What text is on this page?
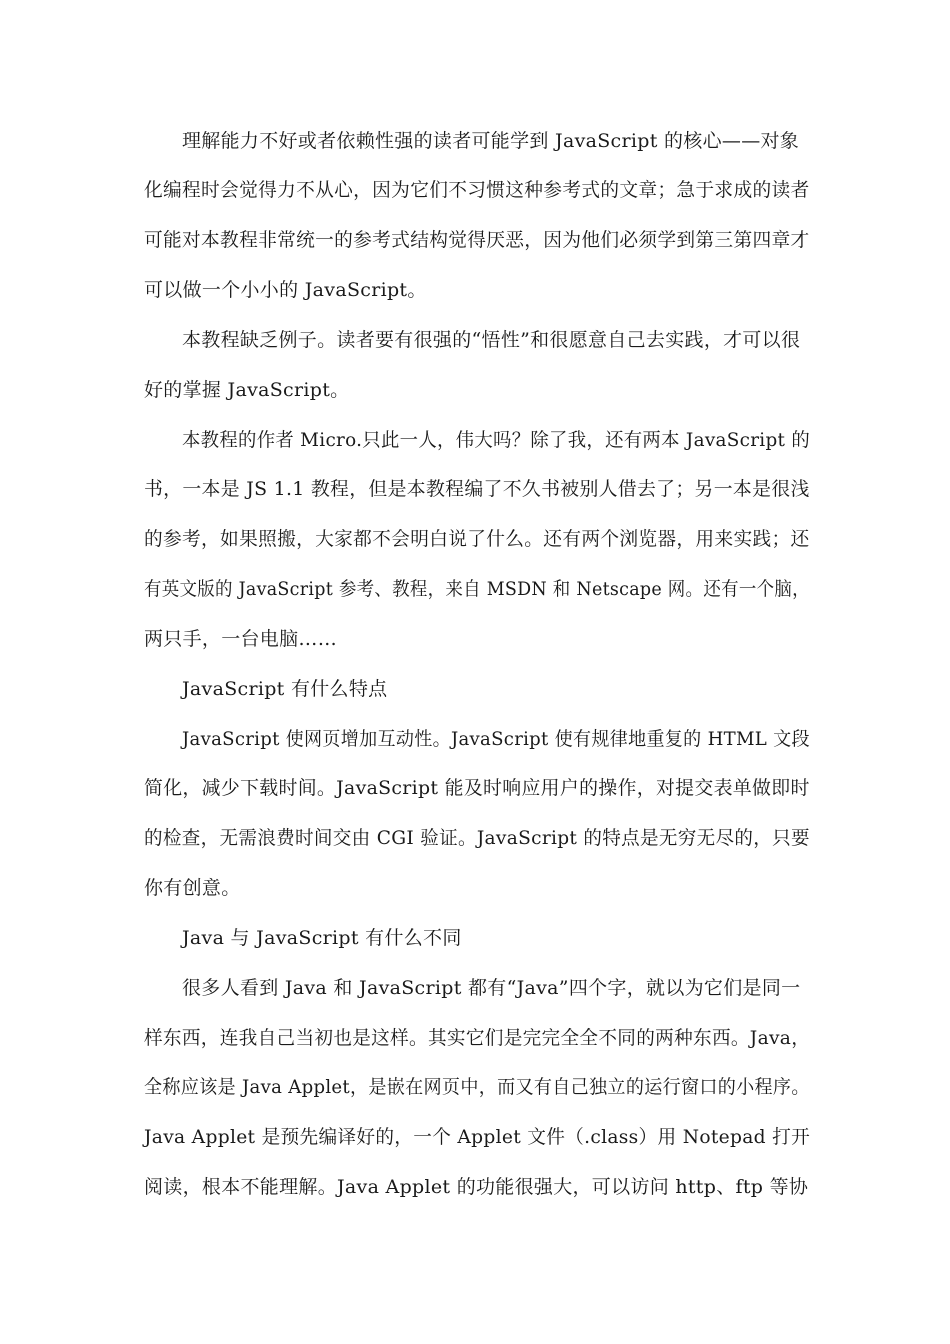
理解能力不好或者依赖性强的读者可能学到 JavaScript 的核心——对象
化编程时会觉得力不从心，因为它们不习惯这种参考式的文章；急于求成的读者
可能对本教程非常统一的参考式结构觉得厌恶，因为他们必须学到第三第四章才
可以做一个小小的 JavaScript。
本教程缺乏例子。读者要有很强的“悟性”和很愿意自己去实践，才可以很
好的掌握 JavaScript。
本教程的作者 Micro.只此一人，伟大吗？除了我，还有两本 JavaScript 的
书，一本是 JS 1.1 教程，但是本教程编了不久书被别人借去了；另一本是很浅
的参考，如果照搬，大家都不会明白说了什么。还有两个浏览器，用来实践；还
有英文版的 JavaScript 参考、教程，来自 MSDN 和 Netscape 网。还有一个脑，
两只手，一台电脑……
JavaScript 有什么特点
JavaScript 使网页增加互动性。JavaScript 使有规律地重复的 HTML 文段
简化，减少下载时间。JavaScript 能及时响应用户的操作，对提交表单做即时
的检查，无需浪费时间交由 CGI 验证。JavaScript 的特点是无穷无尽的，只要
你有创意。
Java 与 JavaScript 有什么不同
很多人看到 Java 和 JavaScript 都有“Java”四个字，就以为它们是同一
样东西，连我自己当初也是这样。其实它们是完完全全不同的两种东西。Java，
全称应该是 Java Applet，是嵌在网页中，而又有自己独立的运行窗口的小程序。
Java Applet 是预先编译好的，一个 Applet 文件（.class）用 Notepad 打开
阅读，根本不能理解。Java Applet 的功能很强大，可以访问 http、ftp 等协
